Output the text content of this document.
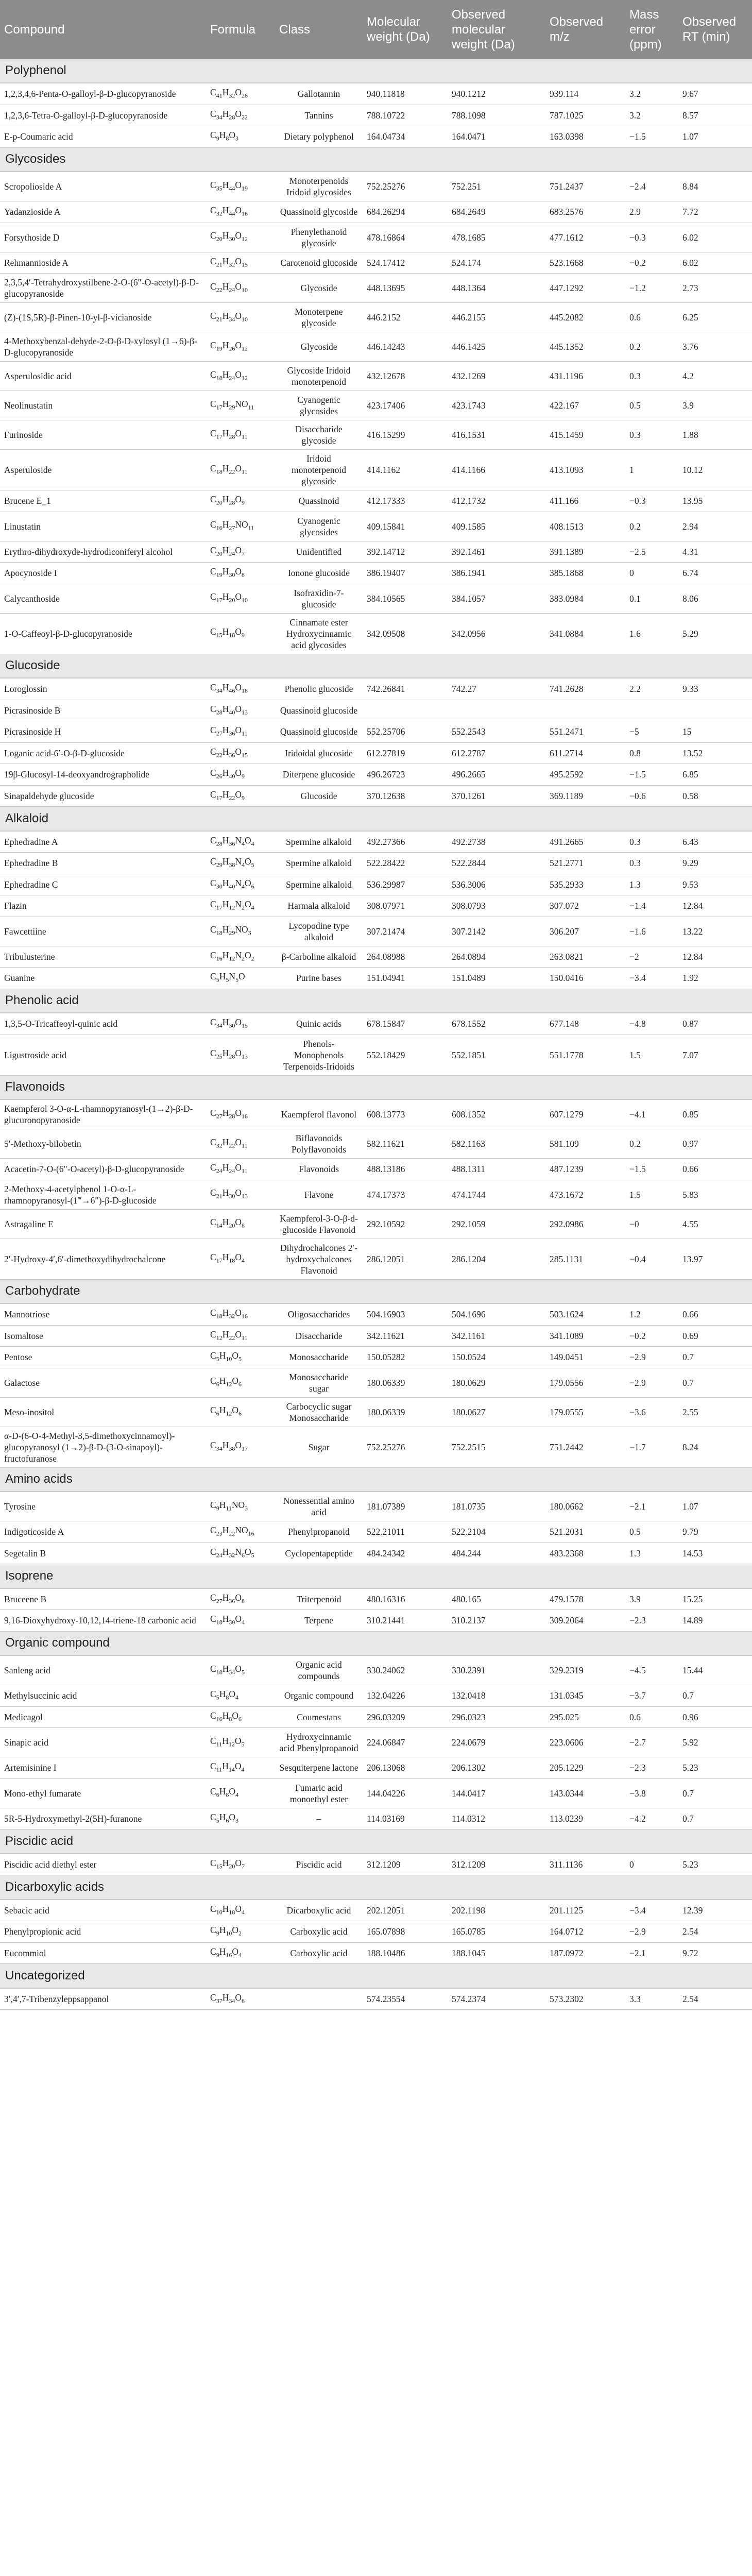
Compound	Formula	Class	Molecular weight (Da)	Observed molecular weight (Da)	Observed m/z	Mass error (ppm)	Observed RT (min)
Polyphenol							
1,2,3,4,6-Penta-O-galloyl-β-D-glucopyranoside	$C_{41}H_{32}O_{26}$	Gallotannin	940.11818	940.1212	939.114	3.2	9.67
1,2,3,6-Tetra-O-galloyl-β-D-glucopyranoside	$C_{34}H_{28}O_{22}$	Tannins	788.10722	788.1098	787.1025	3.2	8.57
E-p-Coumaric acid	$C_9H_8O_3$	Dietary polyphenol	164.04734	164.0471	163.0398	−1.5	1.07
Glycosides							
Scropolioside A	$C_{35}H_{44}O_{19}$	Monoterpenoids Iridoid glycosides	752.25276	752.251	751.2437	−2.4	8.84
Yadanzioside A	$C_{32}H_{44}O_{16}$	Quassinoid glycoside	684.26294	684.2649	683.2576	2.9	7.72
Forsythoside D	$C_{20}H_{30}O_{12}$	Phenylethanoid glycoside	478.16864	478.1685	477.1612	−0.3	6.02
Rehmannioside A	$C_{21}H_{32}O_{15}$	Carotenoid glucoside	524.17412	524.174	523.1668	−0.2	6.02
2,3,5,4′-Tetrahydroxystilbene-2-O-(6″-O-acetyl)-β-D-glucopyranoside	$C_{22}H_{24}O_{10}$	Glycoside	448.13695	448.1364	447.1292	−1.2	2.73
(Z)-(1S,5R)-β-Pinen-10-yl-β-vicianoside	$C_{21}H_{34}O_{10}$	Monoterpene glycoside	446.2152	446.2155	445.2082	0.6	6.25
4-Methoxybenzal-dehyde-2-O-β-D-xylosyl (1→6)-β-D-glucopyranoside	$C_{19}H_{26}O_{12}$	Glycoside	446.14243	446.1425	445.1352	0.2	3.76
Asperulosidic acid	$C_{18}H_{24}O_{12}$	Glycoside Iridoid monoterpenoid	432.12678	432.1269	431.1196	0.3	4.2
Neolinustatin	$C_{17}H_{29}NO_{11}$	Cyanogenic glycosides	423.17406	423.1743	422.167	0.5	3.9
Furinoside	$C_{17}H_{28}O_{11}$	Disaccharide glycoside	416.15299	416.1531	415.1459	0.3	1.88
Asperuloside	$C_{18}H_{22}O_{11}$	Iridoid monoterpenoid glycoside	414.1162	414.1166	413.1093	1	10.12
Brucene E_1	$C_{20}H_{28}O_9$	Quassinoid	412.17333	412.1732	411.166	−0.3	13.95
Linustatin	$C_{16}H_{27}NO_{11}$	Cyanogenic glycosides	409.15841	409.1585	408.1513	0.2	2.94
Erythro-dihydroxyde-hydrodiconiferyl alcohol	$C_{20}H_{24}O_7$	Unidentified	392.14712	392.1461	391.1389	−2.5	4.31
Apocynoside I	$C_{19}H_{30}O_8$	Ionone glucoside	386.19407	386.1941	385.1868	0	6.74
Calycanthoside	$C_{17}H_{20}O_{10}$	Isofraxidin-7-glucoside	384.10565	384.1057	383.0984	0.1	8.06
1-O-Caffeoyl-β-D-glucopyranoside	$C_{15}H_{18}O_9$	Cinnamate ester Hydroxycinnamic acid glycosides	342.09508	342.0956	341.0884	1.6	5.29
Glucoside							
Loroglossin	$C_{34}H_{46}O_{18}$	Phenolic glucoside	742.26841	742.27	741.2628	2.2	9.33
Picrasinoside B	$C_{28}H_{40}O_{13}$	Quassinoid glucoside					
Picrasinoside H	$C_{27}H_{36}O_{11}$	Quassinoid glucoside	552.25706	552.2543	551.2471	−5	15
Loganic acid-6′-O-β-D-glucoside	$C_{22}H_{36}O_{15}$	Iridoidal glucoside	612.27819	612.2787	611.2714	0.8	13.52
19β-Glucosyl-14-deoxyandrographolide	$C_{26}H_{40}O_9$	Diterpene glucoside	496.26723	496.2665	495.2592	−1.5	6.85
Sinapaldehyde glucoside	$C_{17}H_{22}O_9$	Glucoside	370.12638	370.1261	369.1189	−0.6	0.58
Alkaloid							
Ephedradine A	$C_{28}H_{36}N_4O_4$	Spermine alkaloid	492.27366	492.2738	491.2665	0.3	6.43
Ephedradine B	$C_{29}H_{38}N_4O_5$	Spermine alkaloid	522.28422	522.2844	521.2771	0.3	9.29
Ephedradine C	$C_{30}H_{40}N_4O_6$	Spermine alkaloid	536.29987	536.3006	535.2933	1.3	9.53
Flazin	$C_{17}H_{12}N_2O_4$	Harmala alkaloid	308.07971	308.0793	307.072	−1.4	12.84
Fawcettiine	$C_{18}H_{29}NO_3$	Lycopodine type alkaloid	307.21474	307.2142	306.207	−1.6	13.22
Tribulusterine	$C_{16}H_{12}N_2O_2$	β-Carboline alkaloid	264.08988	264.0894	263.0821	−2	12.84
Guanine	$C_5H_5N_5O$	Purine bases	151.04941	151.0489	150.0416	−3.4	1.92
Phenolic acid							
1,3,5-O-Tricaffeoyl-quinic acid	$C_{34}H_{30}O_{15}$	Quinic acids	678.15847	678.1552	677.148	−4.8	0.87
Ligustroside acid	$C_{25}H_{28}O_{13}$	Phenols-Monophenols Terpenoids-Iridoids	552.18429	552.1851	551.1778	1.5	7.07
Flavonoids							
Kaempferol 3-O-α-L-rhamnopyranosyl-(1→2)-β-D-glucuronopyranoside	$C_{27}H_{28}O_{16}$	Kaempferol flavonol	608.13773	608.1352	607.1279	−4.1	0.85
5′-Methoxy-bilobetin	$C_{32}H_{22}O_{11}$	Biflavonoids Polyflavonoids	582.11621	582.1163	581.109	0.2	0.97
Acacetin-7-O-(6″-O-acetyl)-β-D-glucopyranoside	$C_{24}H_{24}O_{11}$	Flavonoids	488.13186	488.1311	487.1239	−1.5	0.66
2-Methoxy-4-acetylphenol 1-O-α-L-rhamnopyranosyl-(1‴→6″)-β-D-glucoside	$C_{21}H_{30}O_{13}$	Flavone	474.17373	474.1744	473.1672	1.5	5.83
Astragaline E	$C_{14}H_{20}O_8$	Kaempferol-3-O-β-d-glucoside Flavonoid	292.10592	292.1059	292.0986	−0	4.55
2′-Hydroxy-4′,6′-dimethoxydihydrochalcone	$C_{17}H_{18}O_4$	Dihydrochalcones 2′-hydroxychalcones Flavonoid	286.12051	286.1204	285.1131	−0.4	13.97
Carbohydrate							
Mannotriose	$C_{18}H_{32}O_{16}$	Oligosaccharides	504.16903	504.1696	503.1624	1.2	0.66
Isomaltose	$C_{12}H_{22}O_{11}$	Disaccharide	342.11621	342.1161	341.1089	−0.2	0.69
Pentose	$C_5H_{10}O_5$	Monosaccharide	150.05282	150.0524	149.0451	−2.9	0.7
Galactose	$C_6H_{12}O_6$	Monosaccharide sugar	180.06339	180.0629	179.0556	−2.9	0.7
Meso-inositol	$C_6H_{12}O_6$	Carbocyclic sugar Monosaccharide	180.06339	180.0627	179.0555	−3.6	2.55
α-D-(6-O-4-Methyl-3,5-dimethoxycinnamoyl)-glucopyranosyl (1→2)-β-D-(3-O-sinapoyl)-fructofuranose	$C_{34}H_{38}O_{17}$	Sugar	752.25276	752.2515	751.2442	−1.7	8.24
Amino acids							
Tyrosine	$C_9H_{11}NO_3$	Nonessential amino acid	181.07389	181.0735	180.0662	−2.1	1.07
Indigoticoside A	$C_{23}H_{22}NO_{16}$	Phenylpropanoid	522.21011	522.2104	521.2031	0.5	9.79
Segetalin B	$C_{24}H_{32}N_6O_5$	Cyclopentapeptide	484.24342	484.244	483.2368	1.3	14.53
Isoprene							
Bruceene B	$C_{27}H_{36}O_8$	Triterpenoid	480.16316	480.165	479.1578	3.9	15.25
9,16-Dioxyhydroxy-10,12,14-triene-18 carbonic acid	$C_{18}H_{30}O_4$	Terpene	310.21441	310.2137	309.2064	−2.3	14.89
Organic compound							
Sanleng acid	$C_{18}H_{34}O_5$	Organic acid compounds	330.24062	330.2391	329.2319	−4.5	15.44
Methylsuccinic acid	$C_5H_8O_4$	Organic compound	132.04226	132.0418	131.0345	−3.7	0.7
Medicagol	$C_{16}H_8O_6$	Coumestans	296.03209	296.0323	295.025	0.6	0.96
Sinapic acid	$C_{11}H_{12}O_5$	Hydroxycinnamic acid Phenylpropanoid	224.06847	224.0679	223.0606	−2.7	5.92
Artemisinine I	$C_{11}H_{14}O_4$	Sesquiterpene lactone	206.13068	206.1302	205.1229	−2.3	5.23
Mono-ethyl fumarate	$C_6H_8O_4$	Fumaric acid monoethyl ester	144.04226	144.0417	143.0344	−3.8	0.7
5R-5-Hydroxymethyl-2(5H)-furanone	$C_5H_6O_3$	–	114.03169	114.0312	113.0239	−4.2	0.7
Piscidic acid							
Piscidic acid diethyl ester	$C_{15}H_{20}O_7$	Piscidic acid	312.1209	312.1209	311.1136	0	5.23
Dicarboxylic acids							
Sebacic acid	$C_{10}H_{18}O_4$	Dicarboxylic acid	202.12051	202.1198	201.1125	−3.4	12.39
Phenylpropionic acid	$C_9H_{10}O_2$	Carboxylic acid	165.07898	165.0785	164.0712	−2.9	2.54
Eucommiol	$C_9H_{16}O_4$	Carboxylic acid	188.10486	188.1045	187.0972	−2.1	9.72
Uncategorized							
3′,4′,7-Tribenzyleppsappanol	$C_{37}H_{34}O_6$		574.23554	574.2374	573.2302	3.3	2.54
